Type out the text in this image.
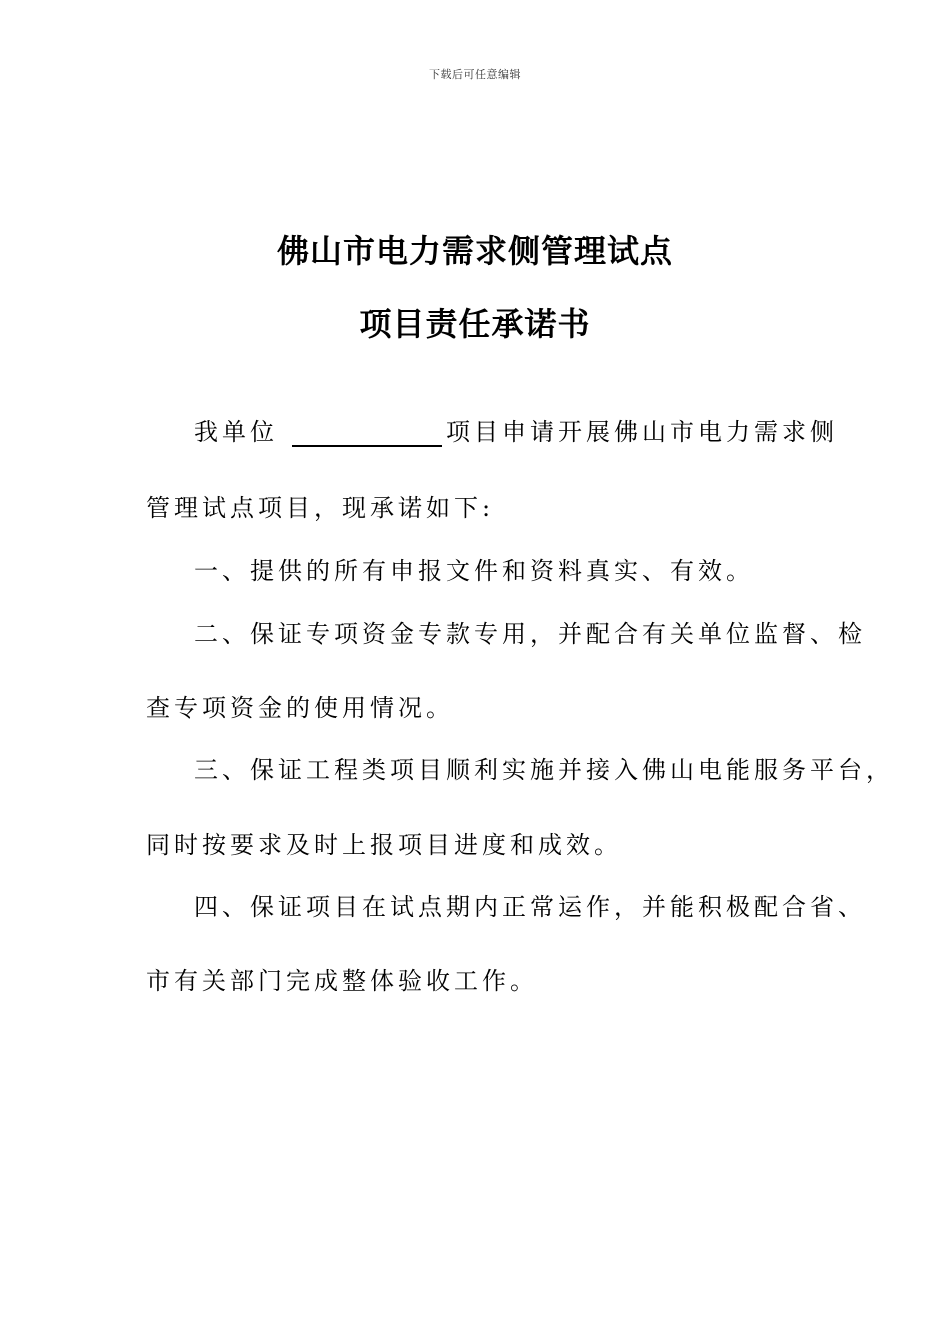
下载后可任意编辑
佛山市电力需求侧管理试点
项目责任承诺书
我单位	项目申请开展佛山市电力需求侧
管理试点项目，现承诺如下:
一、提供的所有申报文件和资料真实、有效。
二、保证专项资金专款专用，并配合有关单位监督、检
查专项资金的使用情况。
三、保证工程类项目顺利实施并接入佛山电能服务平台，
同时按要求及时上报项目进度和成效。
四、保证项目在试点期内正常运作，并能积极配合省、
市有关部门完成整体验收工作。
